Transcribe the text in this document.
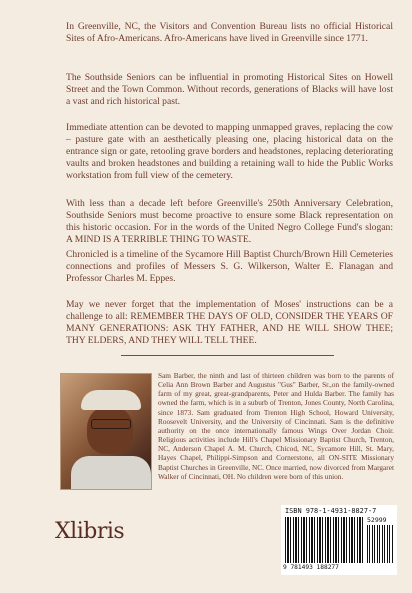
In Greenville, NC, the Visitors and Convention Bureau lists no official Historical Sites of Afro-Americans. Afro-Americans have lived in Greenville since 1771.

The Southside Seniors can be influential in promoting Historical Sites on Howell Street and the Town Common. Without records, generations of Blacks will have lost a vast and rich historical past.

Immediate attention can be devoted to mapping unmapped graves, replacing the cow – pasture gate with an aesthetically pleasing one, placing historical data on the entrance sign or gate, retooling grave borders and headstones, replacing deteriorating vaults and broken headstones and building a retaining wall to hide the Public Works workstation from full view of the cemetery.

With less than a decade left before Greenville's 250th Anniversary Celebration, Southside Seniors must become proactive to ensure some Black representation on this historic occasion. For in the words of the United Negro College Fund's slogan: A MIND IS A TERRIBLE THING TO WASTE.

Chronicled is a timeline of the Sycamore Hill Baptist Church/Brown Hill Cemeteries connections and profiles of Messers S. G. Wilkerson, Walter E. Flanagan and Professor Charles M. Eppes.

May we never forget that the implementation of Moses' instructions can be a challenge to all: REMEMBER THE DAYS OF OLD, CONSIDER THE YEARS OF MANY GENERATIONS: ASK THY FATHER, AND HE WILL SHOW THEE; THY ELDERS, AND THEY WILL TELL THEE.

Sam Barber, the ninth and last of thirteen children was born to the parents of Celia Ann Brown Barber and Augustus "Gus" Barber, Sr.,on the family-owned farm of my great, great-grandparents, Peter and Hulda Barber. The family has owned the farm, which is in a suburb of Trenton, Jones County, North Carolina, since 1873. Sam graduated from Trenton High School, Howard University, Roosevelt University, and the University of Cincinnati. Sam is the definitive authority on the once internationally famous Wings Over Jordan Choir. Religious activities include Hill's Chapel Missionary Baptist Church, Trenton, NC, Anderson Chapel A. M. Church, Chicod, NC, Sycamore Hill, St. Mary, Hayes Chapel, Philippi-Simpson and Cornerstone, all ON-SITE Missionary Baptist Churches in Greenville, NC. Once married, now divorced from Margaret Walker of Cincinnati, OH. No children were born of this union.

Xlibris
ISBN 978-1-4931-8827-7
52999
9 781493 188277
